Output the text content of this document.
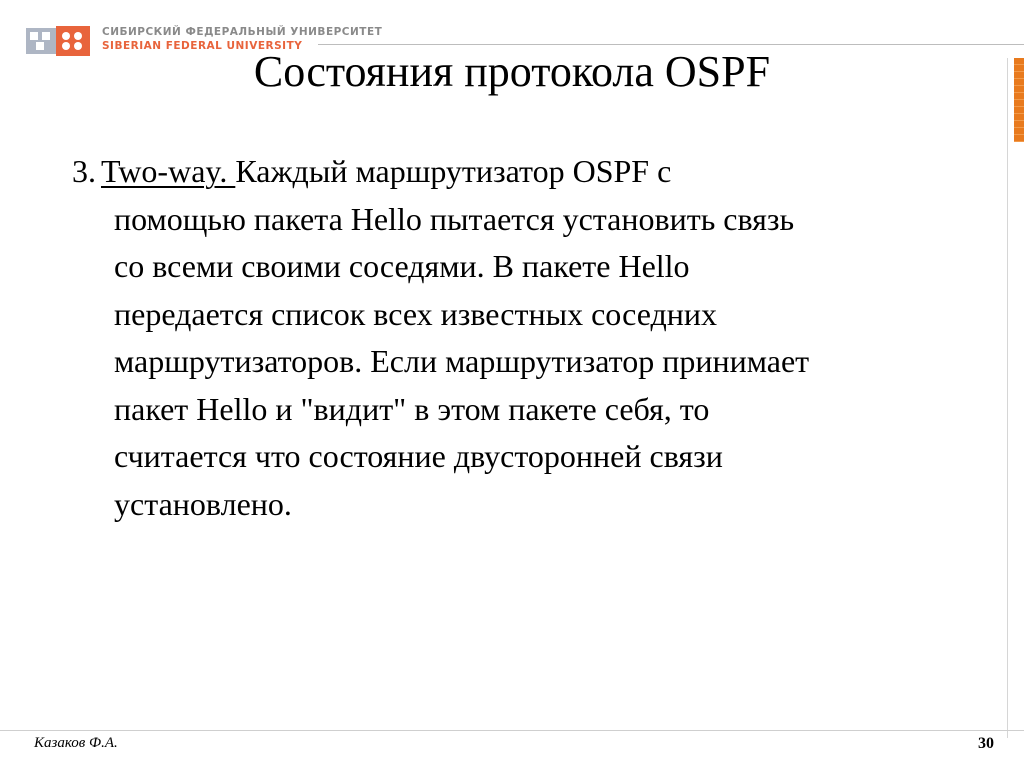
СИБИРСКИЙ ФЕДЕРАЛЬНЫЙ УНИВЕРСИТЕТ
SIBERIAN FEDERAL UNIVERSITY
Состояния протокола OSPF
3. Two-way. Каждый маршрутизатор OSPF с
помощью пакета Hello пытается установить связь
со всеми своими соседями. В пакете Hello
передается список всех известных соседних
маршрутизаторов. Если маршрутизатор принимает
пакет Hello и "видит" в этом пакете себя, то
считается что состояние двусторонней связи
установлено.
Казаков Ф.А.	30
